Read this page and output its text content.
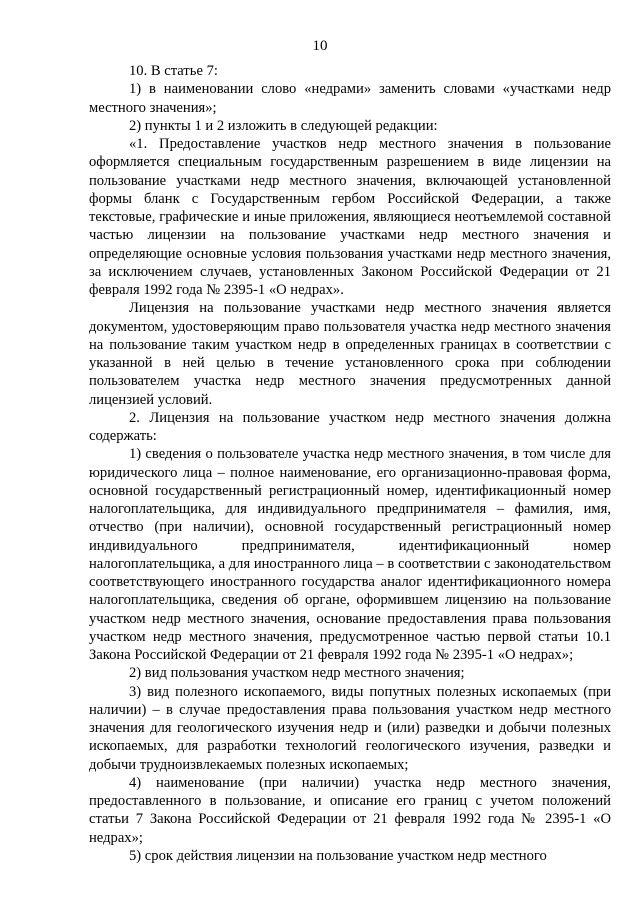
10

10. В статье 7:

1) в наименовании слово «недрами» заменить словами «участками недр местного значения»;

2) пункты 1 и 2 изложить в следующей редакции:

«1. Предоставление участков недр местного значения в пользование оформляется специальным государственным разрешением в виде лицензии на пользование участками недр местного значения, включающей установленной формы бланк с Государственным гербом Российской Федерации, а также текстовые, графические и иные приложения, являющиеся неотъемлемой составной частью лицензии на пользование участками недр местного значения и определяющие основные условия пользования участками недр местного значения, за исключением случаев, установленных Законом Российской Федерации от 21 февраля 1992 года № 2395-1 «О недрах».

Лицензия на пользование участками недр местного значения является документом, удостоверяющим право пользователя участка недр местного значения на пользование таким участком недр в определенных границах в соответствии с указанной в ней целью в течение установленного срока при соблюдении пользователем участка недр местного значения предусмотренных данной лицензией условий.

2. Лицензия на пользование участком недр местного значения должна содержать:

1) сведения о пользователе участка недр местного значения, в том числе для юридического лица – полное наименование, его организационно-правовая форма, основной государственный регистрационный номер, идентификационный номер налогоплательщика, для индивидуального предпринимателя – фамилия, имя, отчество (при наличии), основной государственный регистрационный номер индивидуального предпринимателя, идентификационный номер налогоплательщика, а для иностранного лица – в соответствии с законодательством соответствующего иностранного государства аналог идентификационного номера налогоплательщика, сведения об органе, оформившем лицензию на пользование участком недр местного значения, основание предоставления права пользования участком недр местного значения, предусмотренное частью первой статьи 10.1 Закона Российской Федерации от 21 февраля 1992 года № 2395-1 «О недрах»;

2) вид пользования участком недр местного значения;

3) вид полезного ископаемого, виды попутных полезных ископаемых (при наличии) – в случае предоставления права пользования участком недр местного значения для геологического изучения недр и (или) разведки и добычи полезных ископаемых, для разработки технологий геологического изучения, разведки и добычи трудноизвлекаемых полезных ископаемых;

4) наименование (при наличии) участка недр местного значения, предоставленного в пользование, и описание его границ с учетом положений статьи 7 Закона Российской Федерации от 21 февраля 1992 года № 2395-1 «О недрах»;

5) срок действия лицензии на пользование участком недр местного
